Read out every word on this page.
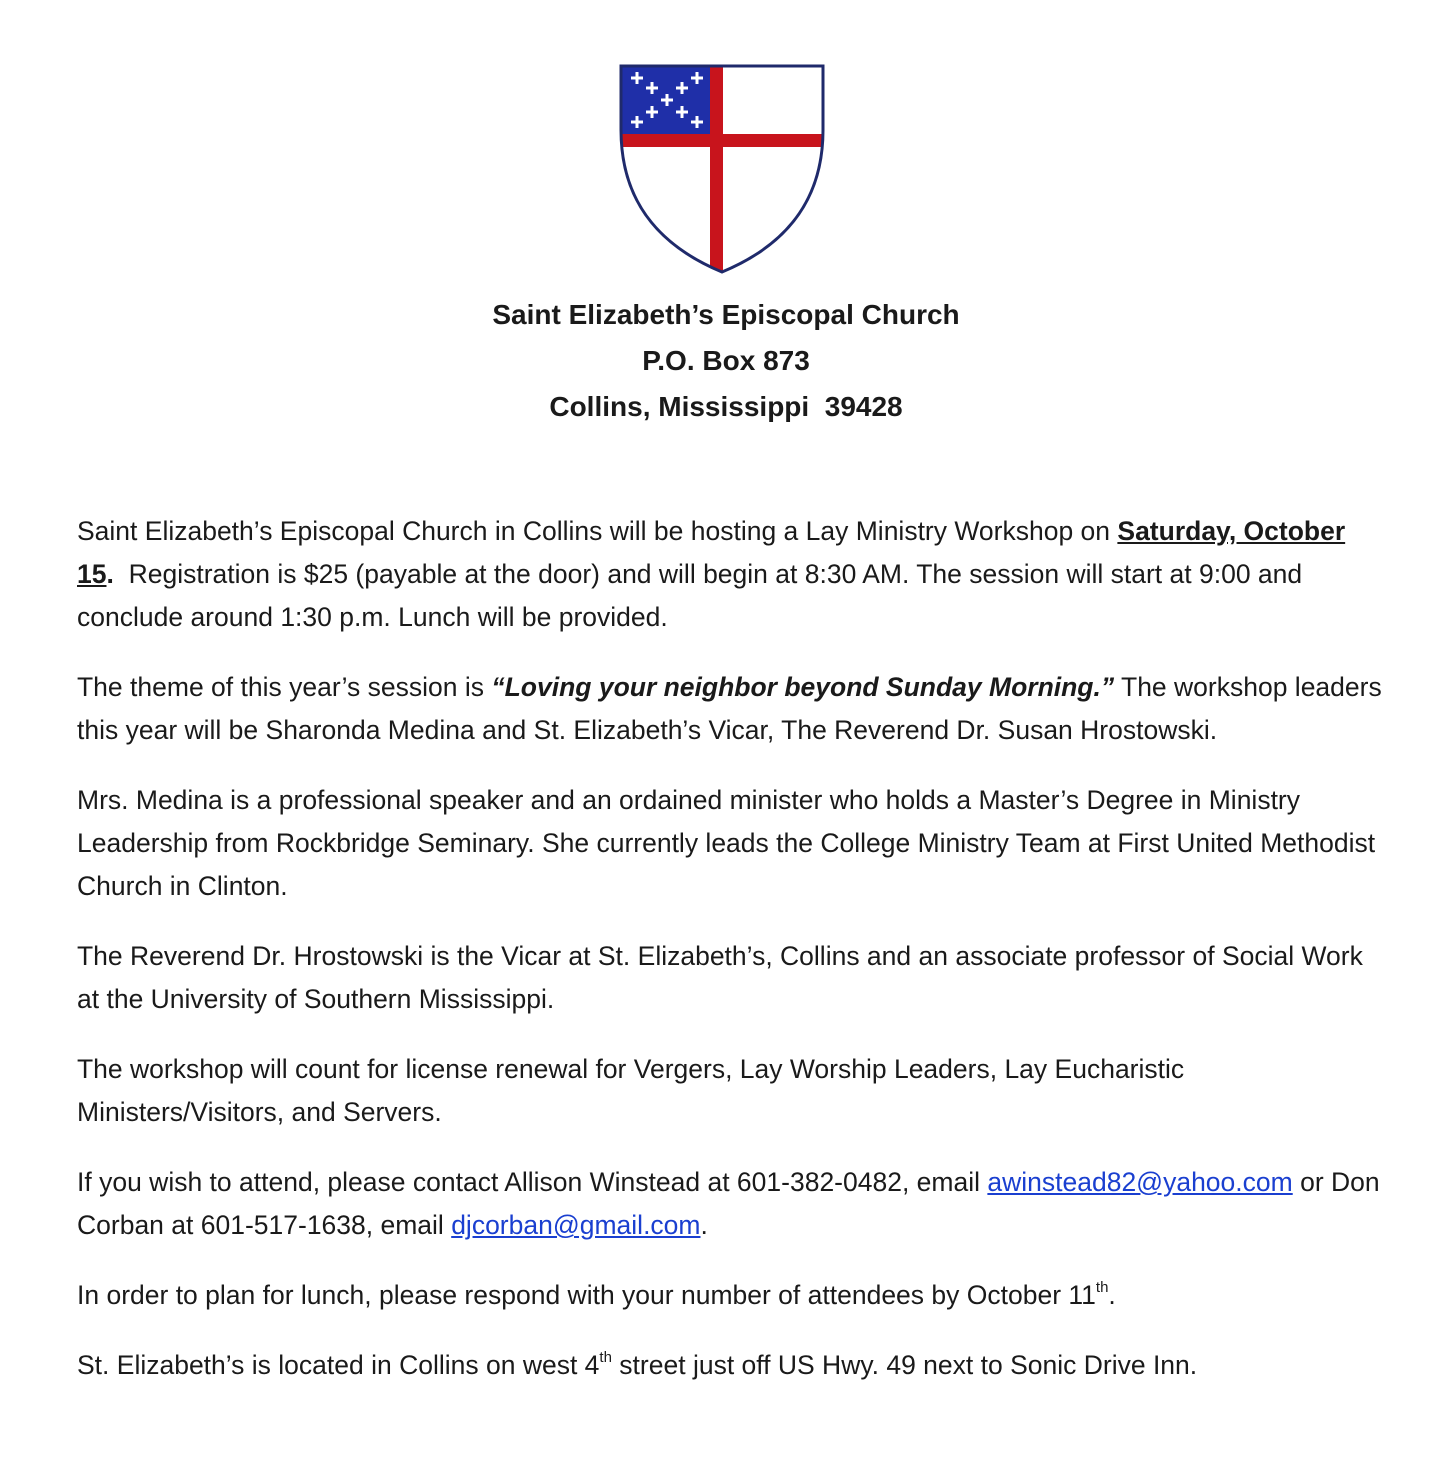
Saint Elizabeth’s Episcopal Church
P.O. Box 873
Collins, Mississippi  39428

Saint Elizabeth’s Episcopal Church in Collins will be hosting a Lay Ministry Workshop on Saturday, October 15.  Registration is $25 (payable at the door) and will begin at 8:30 AM. The session will start at 9:00 and conclude around 1:30 p.m. Lunch will be provided.

The theme of this year’s session is “Loving your neighbor beyond Sunday Morning.” The workshop leaders this year will be Sharonda Medina and St. Elizabeth’s Vicar, The Reverend Dr. Susan Hrostowski.

Mrs. Medina is a professional speaker and an ordained minister who holds a Master’s Degree in Ministry Leadership from Rockbridge Seminary. She currently leads the College Ministry Team at First United Methodist Church in Clinton.

The Reverend Dr. Hrostowski is the Vicar at St. Elizabeth’s, Collins and an associate professor of Social Work at the University of Southern Mississippi.

The workshop will count for license renewal for Vergers, Lay Worship Leaders, Lay Eucharistic Ministers/Visitors, and Servers.

If you wish to attend, please contact Allison Winstead at 601-382-0482, email awinstead82@yahoo.com or Don Corban at 601-517-1638, email djcorban@gmail.com.

In order to plan for lunch, please respond with your number of attendees by October 11th.

St. Elizabeth’s is located in Collins on west 4th street just off US Hwy. 49 next to Sonic Drive Inn.
